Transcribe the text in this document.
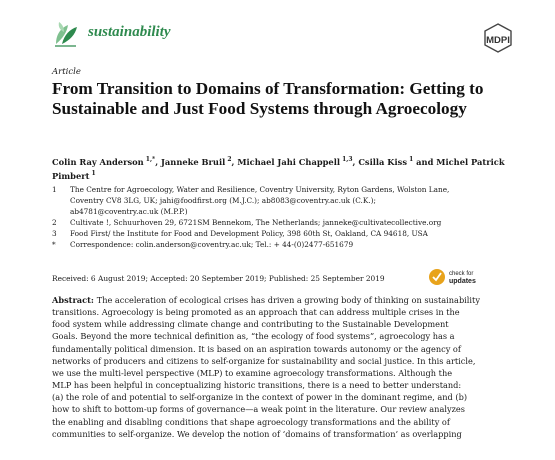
sustainability
MDPI
Article
From Transition to Domains of Transformation: Getting to Sustainable and Just Food Systems through Agroecology
Colin Ray Anderson $^{1,*}$, Janneke Bruil $^2$, Michael Jahi Chappell $^{1,3}$, Csilla Kiss $^1$ and Michel Patrick Pimbert $^1$
1	The Centre for Agroecology, Water and Resilience, Coventry University, Ryton Gardens, Wolston Lane,
Coventry CV8 3LG, UK; jahi@foodfirst.org (M.J.C.); ab8083@coventry.ac.uk (C.K.);
ab4781@coventry.ac.uk (M.P.P.)
2	Cultivate !, Schuurhoven 29, 6721SM Bennekom, The Netherlands; janneke@cultivatecollective.org
3	Food First/ the Institute for Food and Development Policy, 398 60th St, Oakland, CA 94618, USA
*	Correspondence: colin.anderson@coventry.ac.uk; Tel.: + 44-(0)2477-651679
Received: 6 August 2019; Accepted: 20 September 2019; Published: 25 September 2019	check for
updates
Abstract: The acceleration of ecological crises has driven a growing body of thinking on sustainability
transitions. Agroecology is being promoted as an approach that can address multiple crises in the
food system while addressing climate change and contributing to the Sustainable Development
Goals. Beyond the more technical definition as, “the ecology of food systems”, agroecology has a
fundamentally political dimension. It is based on an aspiration towards autonomy or the agency of
networks of producers and citizens to self-organize for sustainability and social justice. In this article,
we use the multi-level perspective (MLP) to examine agroecology transformations. Although the
MLP has been helpful in conceptualizing historic transitions, there is a need to better understand:
(a) the role of and potential to self-organize in the context of power in the dominant regime, and (b)
how to shift to bottom-up forms of governance—a weak point in the literature. Our review analyzes
the enabling and disabling conditions that shape agroecology transformations and the ability of
communities to self-organize. We develop the notion of ‘domains of transformation’ as overlapping
